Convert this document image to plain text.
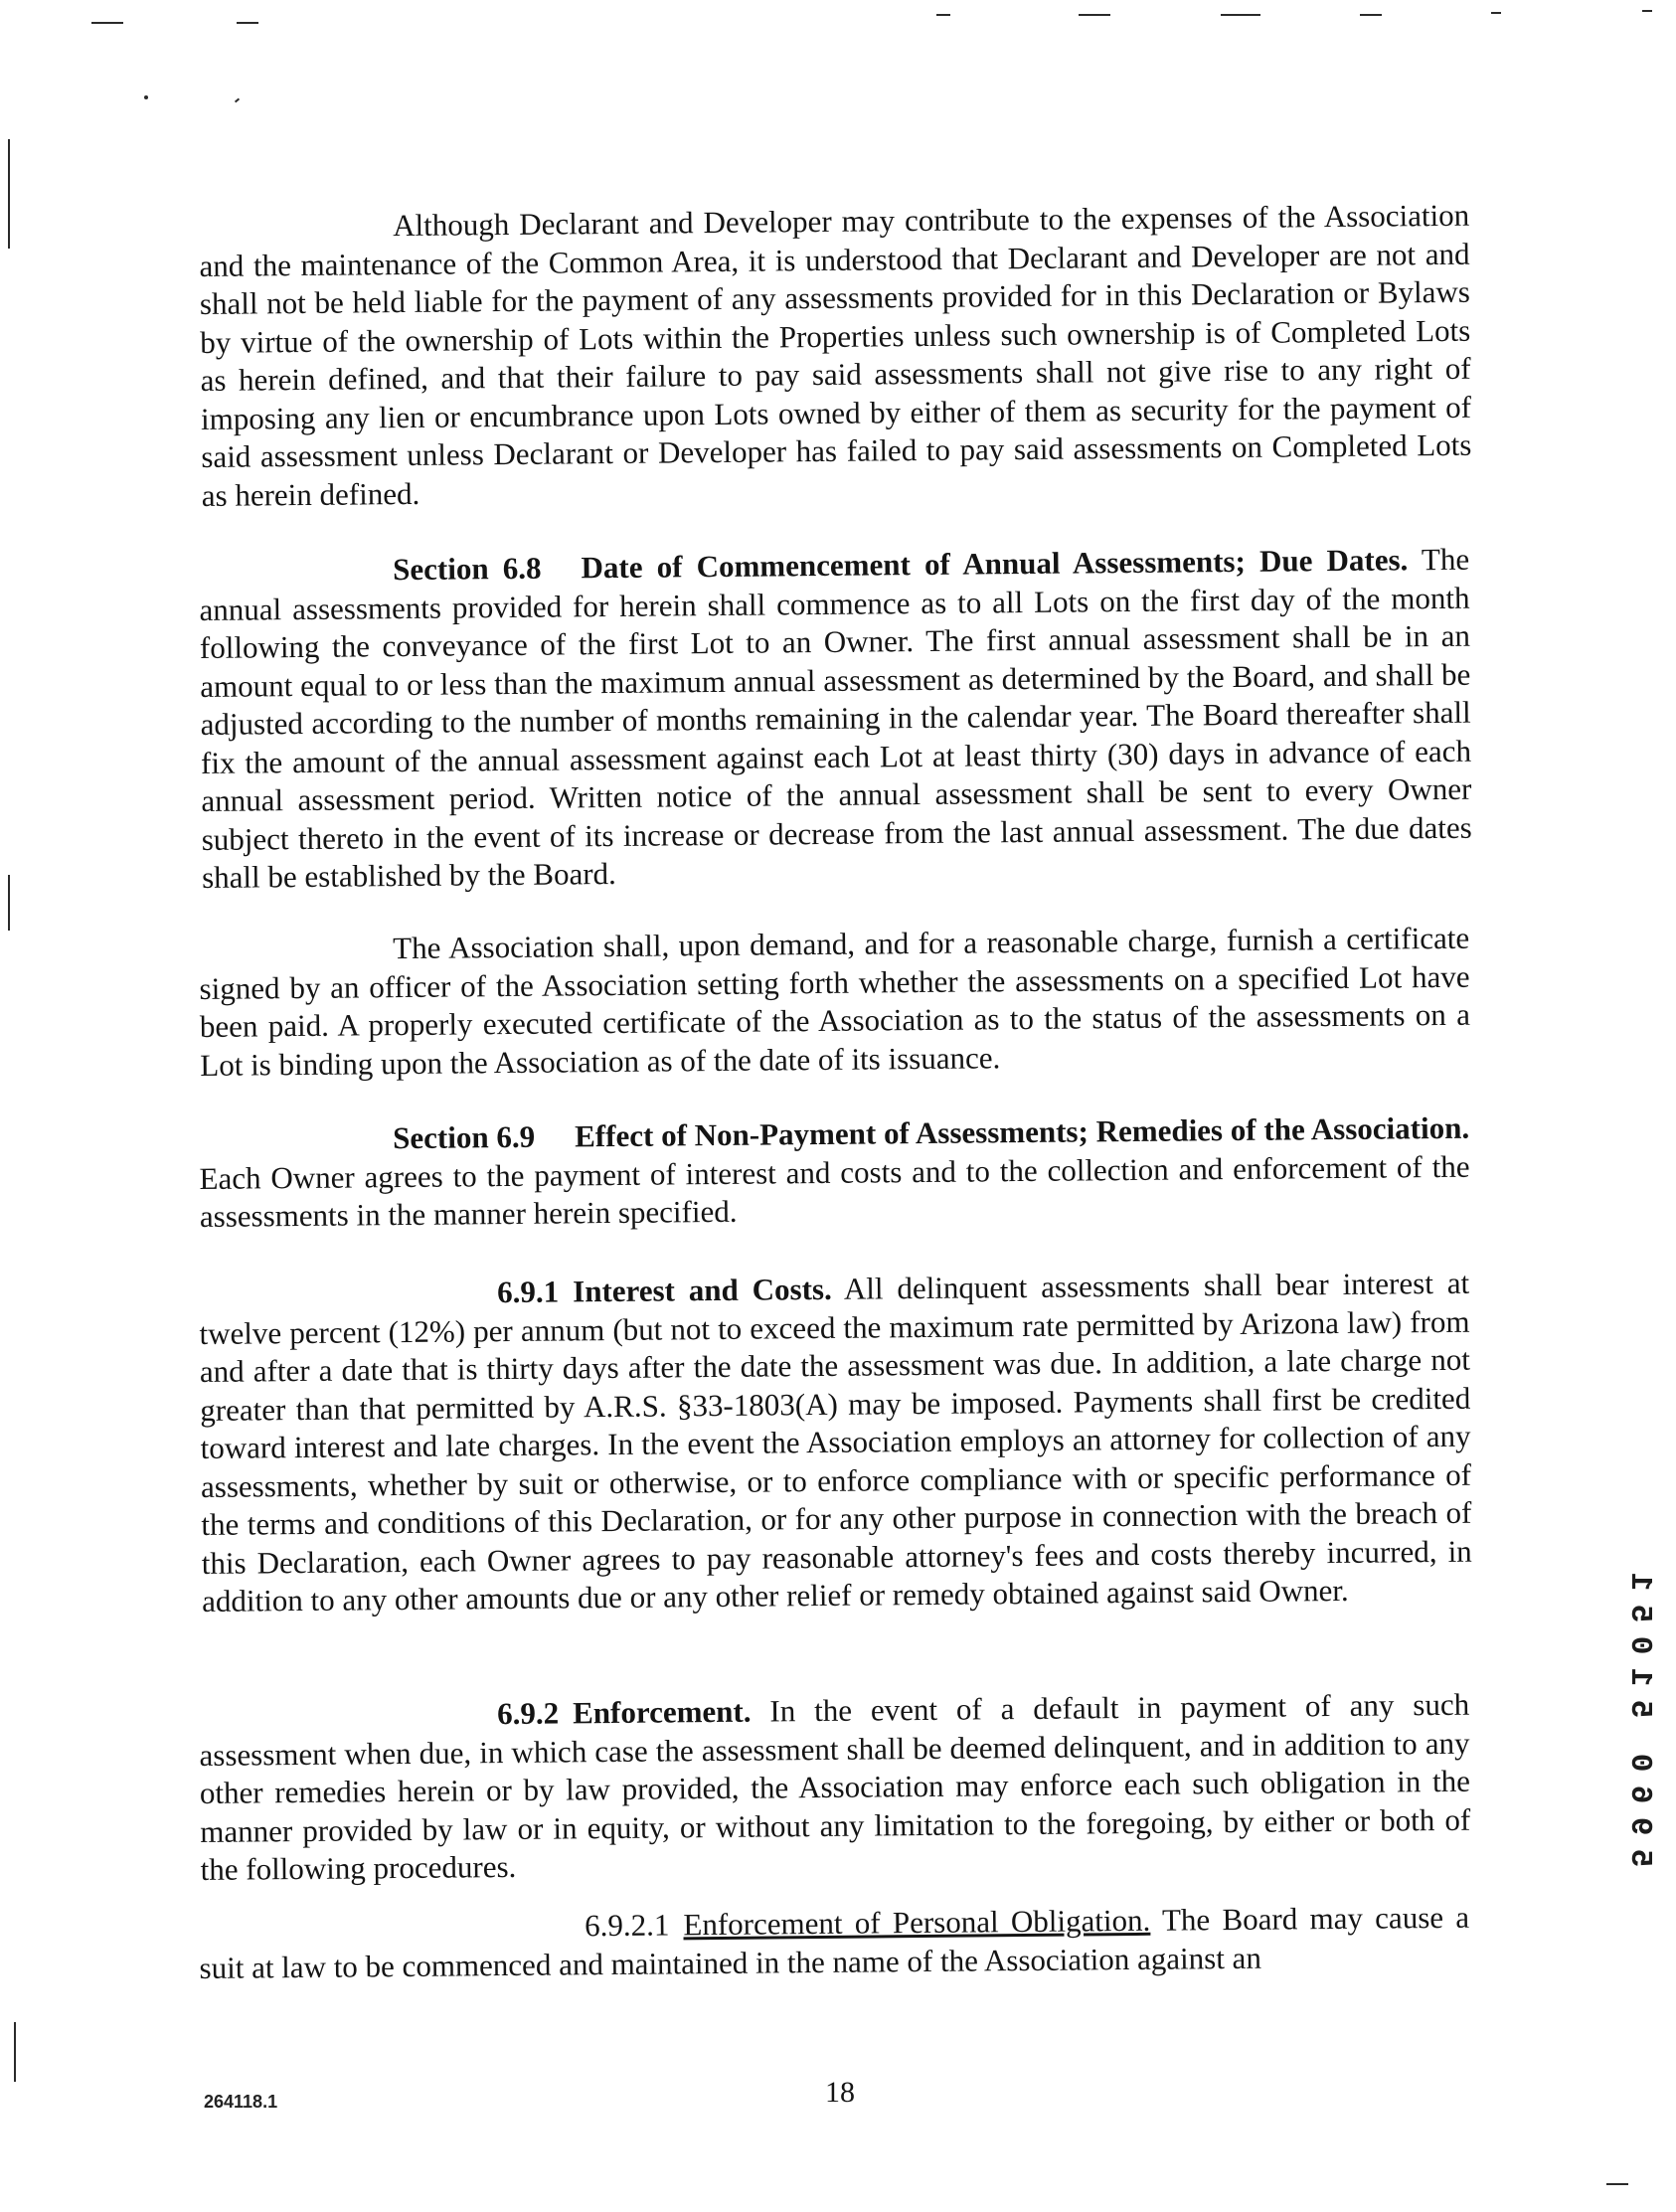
Although Declarant and Developer may contribute to the expenses of the Association and the maintenance of the Common Area, it is understood that Declarant and Developer are not and shall not be held liable for the payment of any assessments provided for in this Declaration or Bylaws by virtue of the ownership of Lots within the Properties unless such ownership is of Completed Lots as herein defined, and that their failure to pay said assessments shall not give rise to any right of imposing any lien or encumbrance upon Lots owned by either of them as security for the payment of said assessment unless Declarant or Developer has failed to pay said assessments on Completed Lots as herein defined.

Section 6.8 Date of Commencement of Annual Assessments; Due Dates. The annual assessments provided for herein shall commence as to all Lots on the first day of the month following the conveyance of the first Lot to an Owner. The first annual assessment shall be in an amount equal to or less than the maximum annual assessment as determined by the Board, and shall be adjusted according to the number of months remaining in the calendar year. The Board thereafter shall fix the amount of the annual assessment against each Lot at least thirty (30) days in advance of each annual assessment period. Written notice of the annual assessment shall be sent to every Owner subject thereto in the event of its increase or decrease from the last annual assessment. The due dates shall be established by the Board.

The Association shall, upon demand, and for a reasonable charge, furnish a certificate signed by an officer of the Association setting forth whether the assessments on a specified Lot have been paid. A properly executed certificate of the Association as to the status of the assessments on a Lot is binding upon the Association as of the date of its issuance.

Section 6.9 Effect of Non-Payment of Assessments; Remedies of the Association. Each Owner agrees to the payment of interest and costs and to the collection and enforcement of the assessments in the manner herein specified.

6.9.1 Interest and Costs. All delinquent assessments shall bear interest at twelve percent (12%) per annum (but not to exceed the maximum rate permitted by Arizona law) from and after a date that is thirty days after the date the assessment was due. In addition, a late charge not greater than that permitted by A.R.S. §33-1803(A) may be imposed. Payments shall first be credited toward interest and late charges. In the event the Association employs an attorney for collection of any assessments, whether by suit or otherwise, or to enforce compliance with or specific performance of the terms and conditions of this Declaration, or for any other purpose in connection with the breach of this Declaration, each Owner agrees to pay reasonable attorney's fees and costs thereby incurred, in addition to any other amounts due or any other relief or remedy obtained against said Owner.

6.9.2 Enforcement. In the event of a default in payment of any such assessment when due, in which case the assessment shall be deemed delinquent, and in addition to any other remedies herein or by law provided, the Association may enforce each such obligation in the manner provided by law or in equity, or without any limitation to the foregoing, by either or both of the following procedures.

6.9.2.1 Enforcement of Personal Obligation. The Board may cause a suit at law to be commenced and maintained in the name of the Association against an

264118.1	18
1
5
0
1
5
0
6
9
5
